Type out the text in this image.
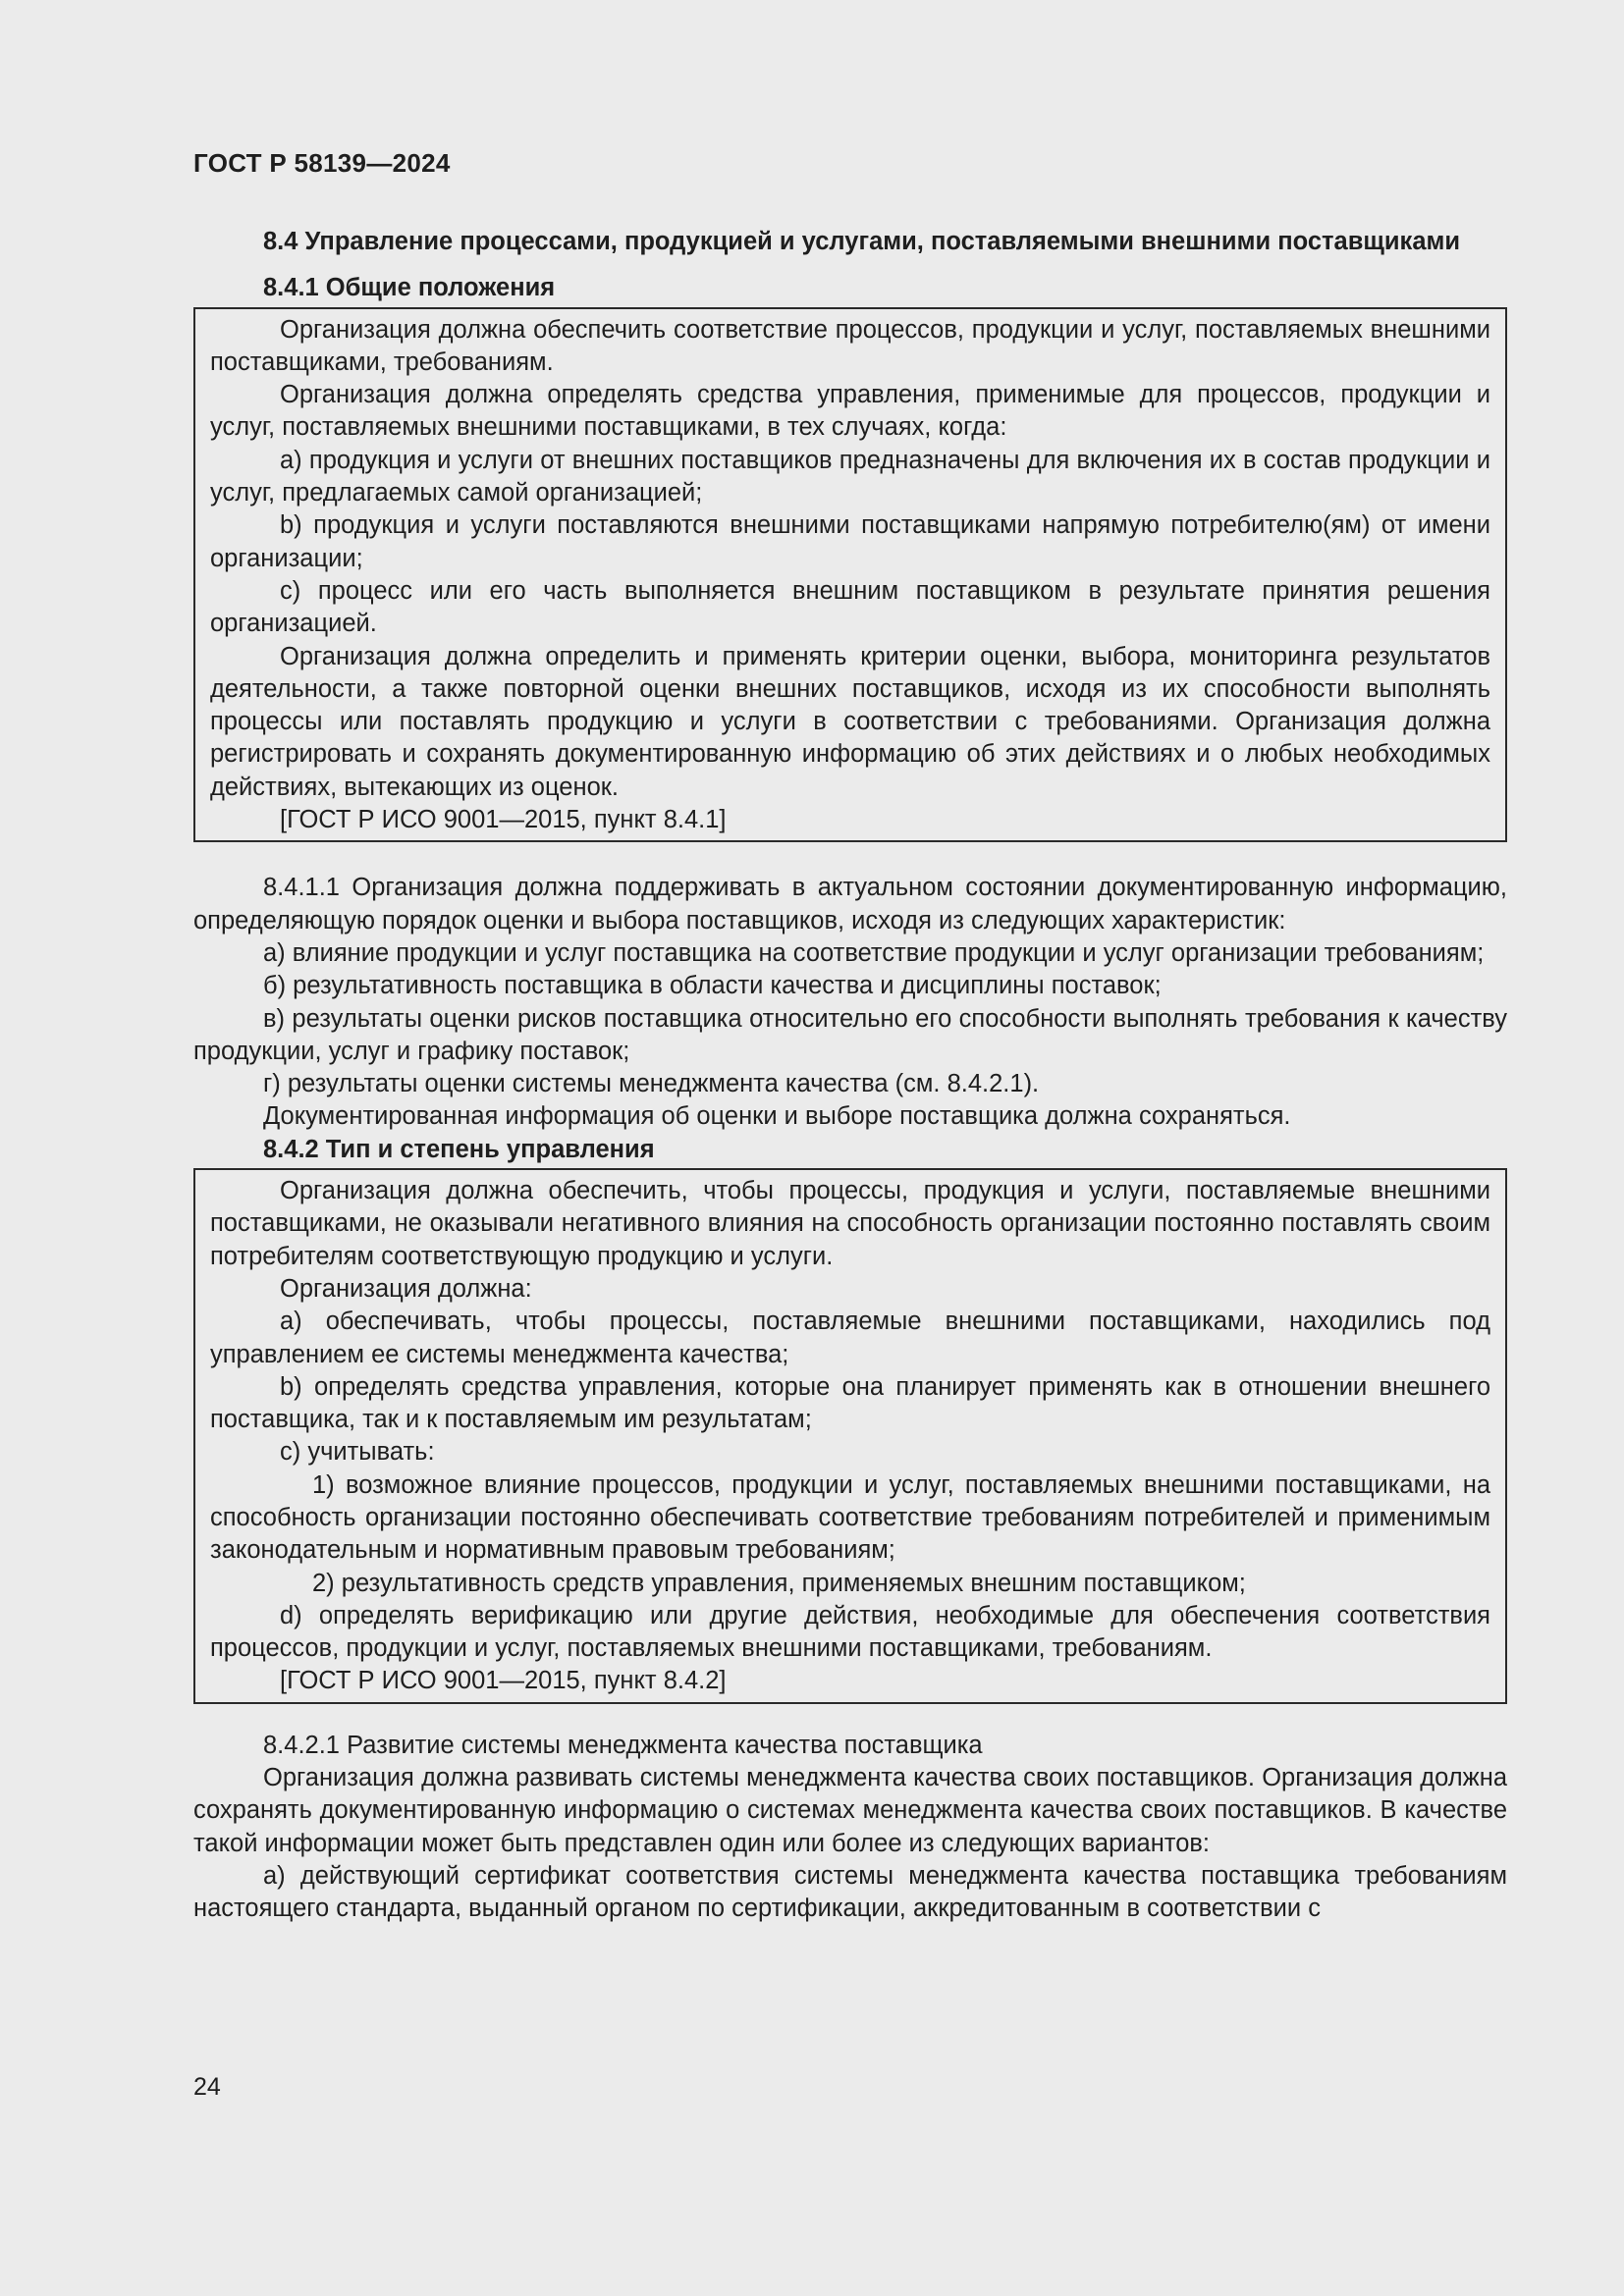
ГОСТ Р 58139—2024
8.4 Управление процессами, продукцией и услугами, поставляемыми внешними поставщиками
8.4.1 Общие положения

Организация должна обеспечить соответствие процессов, продукции и услуг, поставляемых внешними поставщиками, требованиям.

Организация должна определять средства управления, применимые для процессов, продукции и услуг, поставляемых внешними поставщиками, в тех случаях, когда:

a) продукция и услуги от внешних поставщиков предназначены для включения их в состав продукции и услуг, предлагаемых самой организацией;

b) продукция и услуги поставляются внешними поставщиками напрямую потребителю(ям) от имени организации;

c) процесс или его часть выполняется внешним поставщиком в результате принятия решения организацией.

Организация должна определить и применять критерии оценки, выбора, мониторинга результатов деятельности, а также повторной оценки внешних поставщиков, исходя из их способности выполнять процессы или поставлять продукцию и услуги в соответствии с требованиями. Организация должна регистрировать и сохранять документированную информацию об этих действиях и о любых необходимых действиях, вытекающих из оценок.

[ГОСТ Р ИСО 9001—2015, пункт 8.4.1]

8.4.1.1 Организация должна поддерживать в актуальном состоянии документированную информацию, определяющую порядок оценки и выбора поставщиков, исходя из следующих характеристик:

а) влияние продукции и услуг поставщика на соответствие продукции и услуг организации требованиям;

б) результативность поставщика в области качества и дисциплины поставок;

в) результаты оценки рисков поставщика относительно его способности выполнять требования к качеству продукции, услуг и графику поставок;

г) результаты оценки системы менеджмента качества (см. 8.4.2.1).

Документированная информация об оценки и выборе поставщика должна сохраняться.

8.4.2 Тип и степень управления

Организация должна обеспечить, чтобы процессы, продукция и услуги, поставляемые внешними поставщиками, не оказывали негативного влияния на способность организации постоянно поставлять своим потребителям соответствующую продукцию и услуги.

Организация должна:

a) обеспечивать, чтобы процессы, поставляемые внешними поставщиками, находились под управлением ее системы менеджмента качества;

b) определять средства управления, которые она планирует применять как в отношении внешнего поставщика, так и к поставляемым им результатам;

c) учитывать:

1) возможное влияние процессов, продукции и услуг, поставляемых внешними поставщиками, на способность организации постоянно обеспечивать соответствие требованиям потребителей и применимым законодательным и нормативным правовым требованиям;

2) результативность средств управления, применяемых внешним поставщиком;

d) определять верификацию или другие действия, необходимые для обеспечения соответствия процессов, продукции и услуг, поставляемых внешними поставщиками, требованиям.

[ГОСТ Р ИСО 9001—2015, пункт 8.4.2]

8.4.2.1 Развитие системы менеджмента качества поставщика

Организация должна развивать системы менеджмента качества своих поставщиков. Организация должна сохранять документированную информацию о системах менеджмента качества своих поставщиков. В качестве такой информации может быть представлен один или более из следующих вариантов:

а) действующий сертификат соответствия системы менеджмента качества поставщика требованиям настоящего стандарта, выданный органом по сертификации, аккредитованным в соответствии с

24
